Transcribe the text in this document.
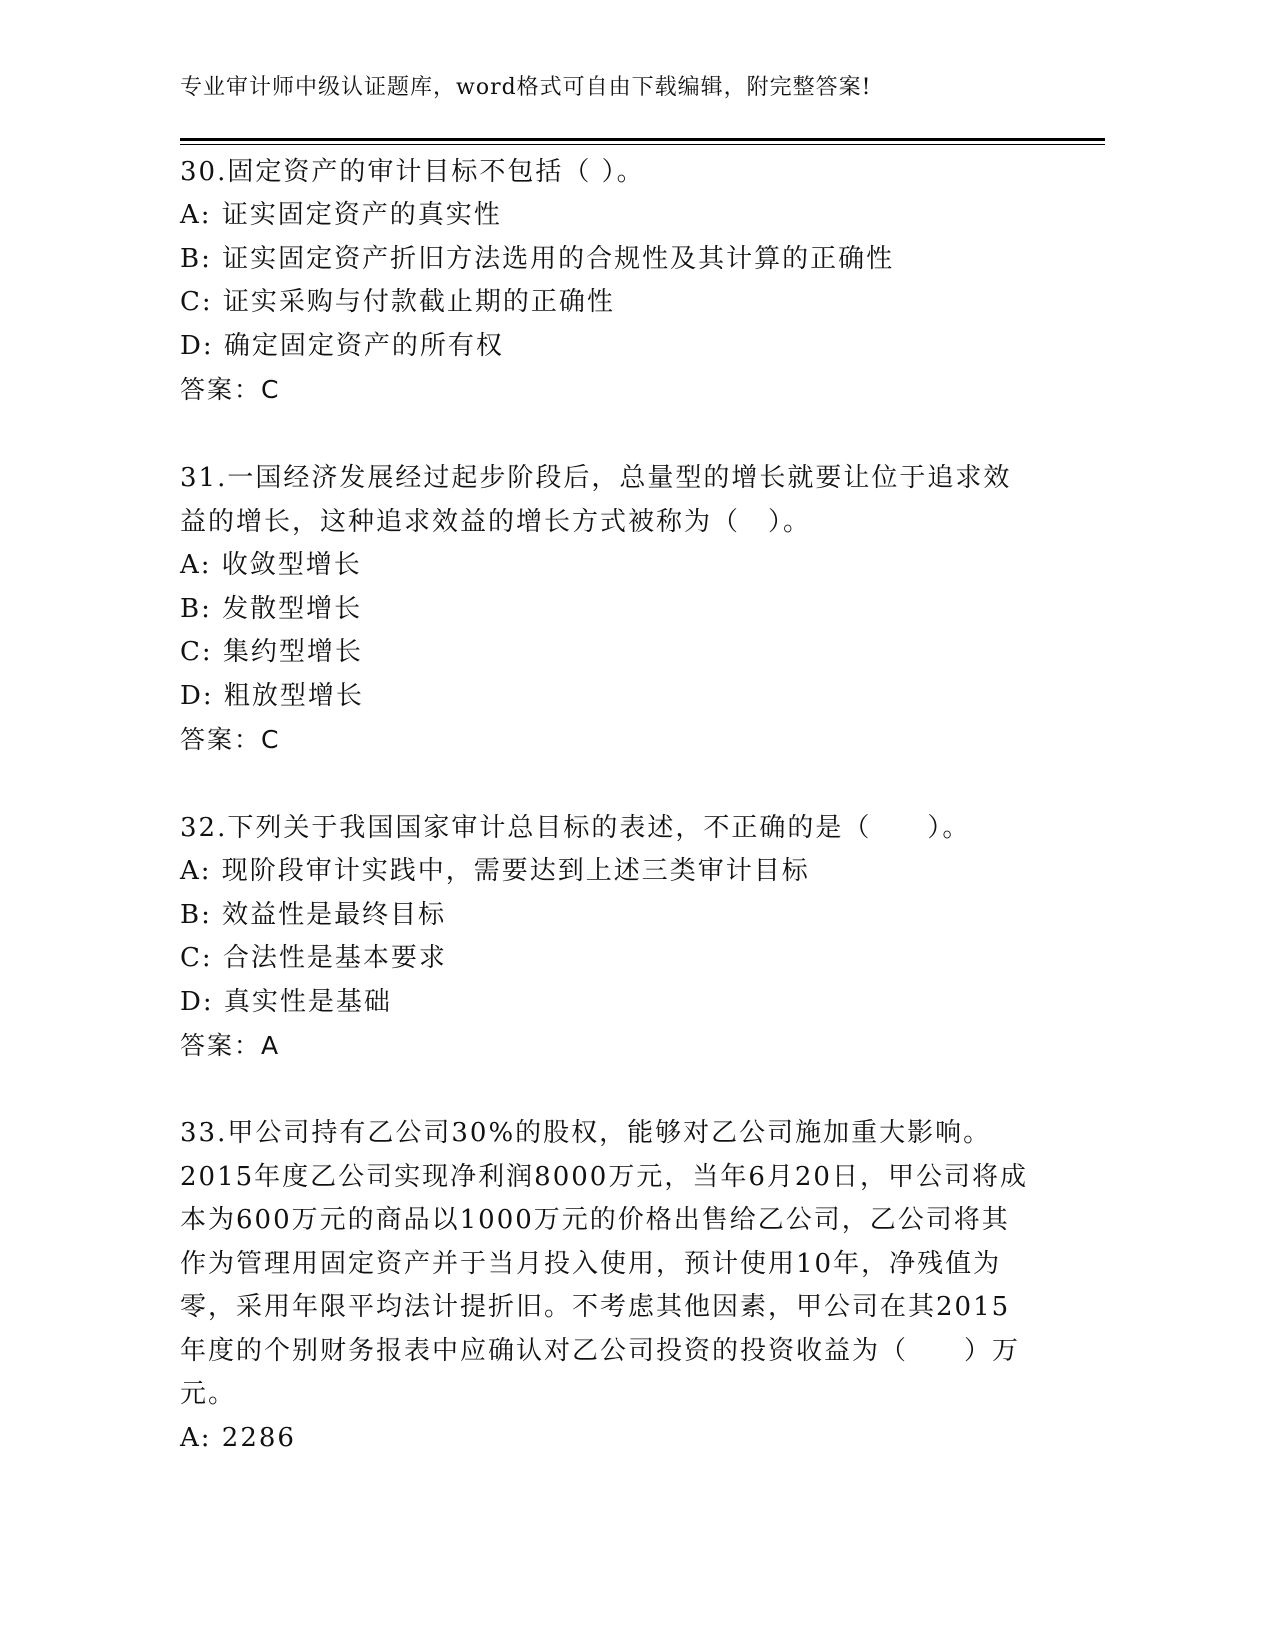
专业审计师中级认证题库，word格式可自由下载编辑，附完整答案!

30.固定资产的审计目标不包括（ ）。

A: 证实固定资产的真实性

B: 证实固定资产折旧方法选用的合规性及其计算的正确性

C: 证实采购与付款截止期的正确性

D: 确定固定资产的所有权

答案：C

31.一国经济发展经过起步阶段后，总量型的增长就要让位于追求效益的增长，这种追求效益的增长方式被称为（　）。

A: 收敛型增长

B: 发散型增长

C: 集约型增长

D: 粗放型增长

答案：C

32.下列关于我国国家审计总目标的表述，不正确的是（　　）。

A: 现阶段审计实践中，需要达到上述三类审计目标

B: 效益性是最终目标

C: 合法性是基本要求

D: 真实性是基础

答案：A

33.甲公司持有乙公司30%的股权，能够对乙公司施加重大影响。2015年度乙公司实现净利润8000万元，当年6月20日，甲公司将成本为600万元的商品以1000万元的价格出售给乙公司，乙公司将其作为管理用固定资产并于当月投入使用，预计使用10年，净残值为零，采用年限平均法计提折旧。不考虑其他因素，甲公司在其2015年度的个别财务报表中应确认对乙公司投资的投资收益为（　　）万元。

A: 2286
